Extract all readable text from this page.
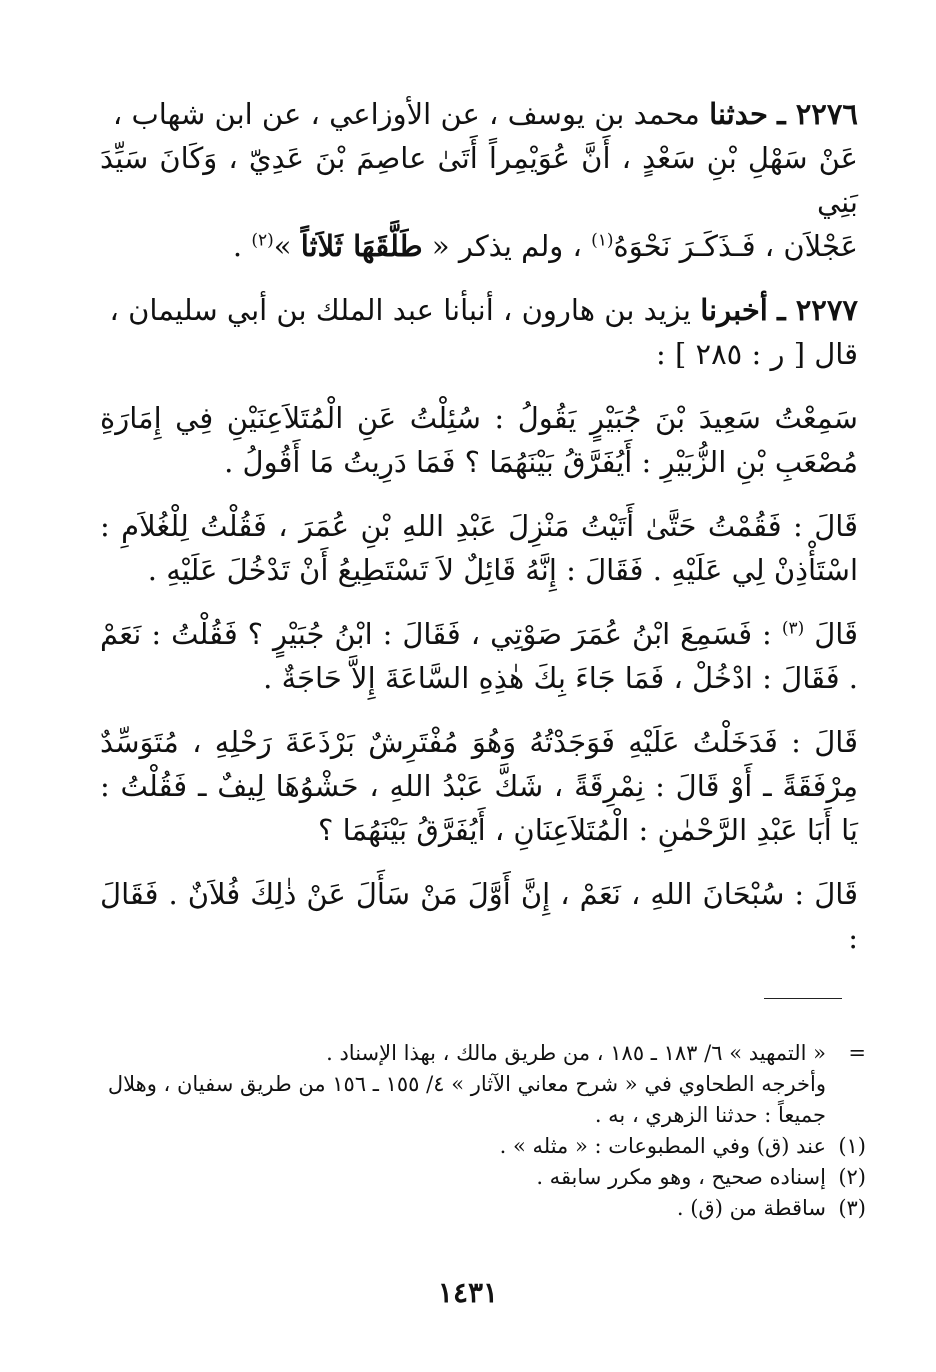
٢٢٧٦ ـ حدثنا محمد بن يوسف ، عن الأوزاعي ، عن ابن شهاب ،
عَنْ سَهْلِ بْنِ سَعْدٍ ، أَنَّ عُوَيْمِراً أَتَىٰ عاصِمَ بْنَ عَدِيّ ، وَكَانَ سَيِّدَ بَنِي
عَجْلاَن ، فَـذَكَـرَ نَحْوَهُ$^{(١)}$ ، ولم يذكر « طَلَّقَهَا ثَلاَثاً »$^{(٢)}$ .

٢٢٧٧ ـ أخبرنا يزيد بن هارون ، أنبأنا عبد الملك بن أبي سليمان ،
قال [ ر : ٢٨٥ ] :

سَمِعْتُ سَعِيدَ بْنَ جُبَيْرٍ يَقُولُ : سُئِلْتُ عَنِ الْمُتَلاَعِنَيْنِ فِي إِمَارَةِ مُصْعَبِ بْنِ الزُّبَيْرِ : أَيُفَرَّقُ بَيْنَهُمَا ؟ فَمَا دَرِيتُ مَا أَقُولُ .

قَالَ : فَقُمْتُ حَتَّىٰ أَتَيْتُ مَنْزِلَ عَبْدِ اللهِ بْنِ عُمَرَ ، فَقُلْتُ لِلْغُلاَمِ : اسْتَأْذِنْ لِي عَلَيْهِ . فَقَالَ : إِنَّهُ قَائِلٌ لاَ تَسْتَطِيعُ أَنْ تَدْخُلَ عَلَيْهِ .

قَالَ $^{(٣)}$ : فَسَمِعَ ابْنُ عُمَرَ صَوْتِي ، فَقَالَ : ابْنُ جُبَيْرٍ ؟ فَقُلْتُ : نَعَمْ . فَقَالَ : ادْخُلْ ، فَمَا جَاءَ بِكَ هٰذِهِ السَّاعَةَ إِلاَّ حَاجَةٌ .

قَالَ : فَدَخَلْتُ عَلَيْهِ فَوَجَدْتُهُ وَهُوَ مُفْتَرِشٌ بَرْذَعَةَ رَحْلِهِ ، مُتَوَسِّدٌ مِرْفَقَةً ـ أَوْ قَالَ : نِمْرِقَةً ، شَكَّ عَبْدُ اللهِ ، حَشْوُهَا لِيفٌ ـ فَقُلْتُ : يَا أَبَا عَبْدِ الرَّحْمٰنِ : الْمُتَلاَعِنَانِ ، أَيُفَرَّقُ بَيْنَهُمَا ؟

قَالَ : سُبْحَانَ اللهِ ، نَعَمْ ، إِنَّ أَوَّلَ مَنْ سَأَلَ عَنْ ذٰلِكَ فُلاَنٌ . فَقَالَ :

=
« التمهيد » ٦/ ١٨٣ ـ ١٨٥ ، من طريق مالك ، بهذا الإسناد .
وأخرجه الطحاوي في « شرح معاني الآثار » ٤/ ١٥٥ ـ ١٥٦ من طريق سفيان ، وهلال جميعاً : حدثنا الزهري ، به .
(١)
عند (ق) وفي المطبوعات : « مثله » .
(٢)
إسناده صحيح ، وهو مكرر سابقه .
(٣)
ساقطة من (ق) .
١٤٣١
